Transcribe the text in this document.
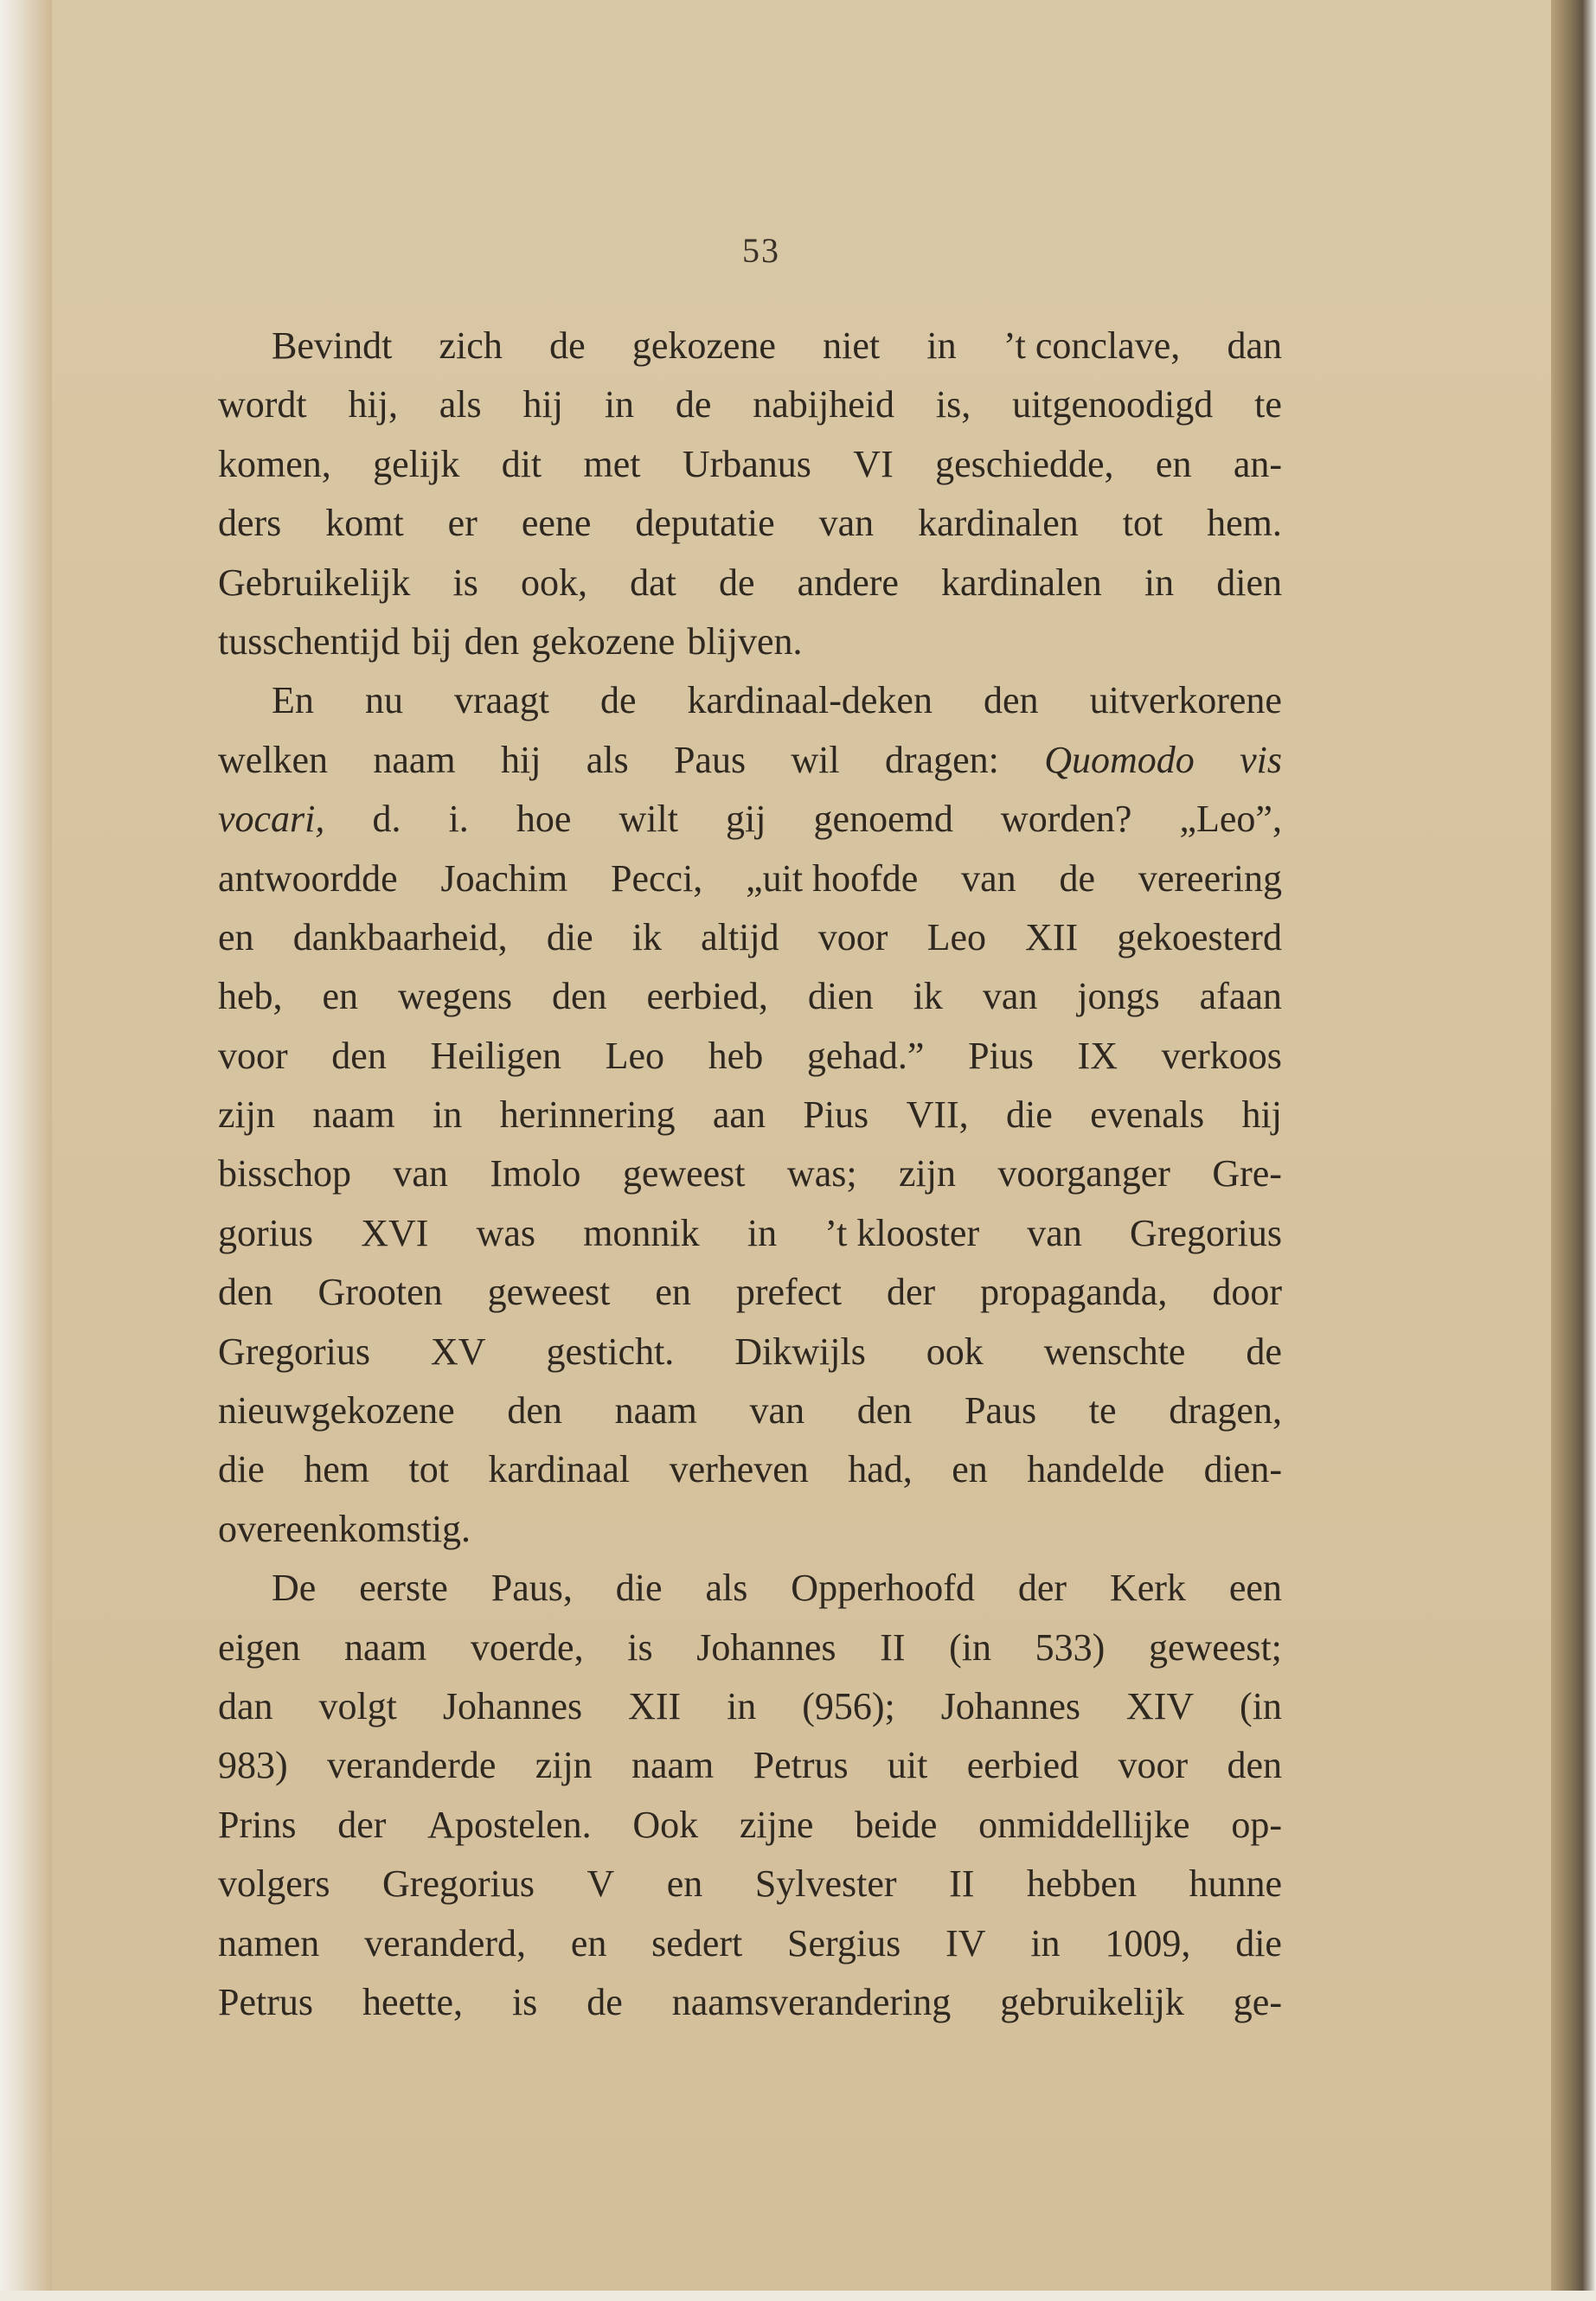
53
Bevindt zich de gekozene niet in ’t conclave, dan
wordt hij, als hij in de nabijheid is, uitgenoodigd te
komen, gelijk dit met Urbanus VI geschiedde, en an-
ders komt er eene deputatie van kardinalen tot hem.
Gebruikelijk is ook, dat de andere kardinalen in dien
tusschentijd bij den gekozene blijven.
En nu vraagt de kardinaal-deken den uitverkorene
welken naam hij als Paus wil dragen: Quomodo vis
vocari, d. i. hoe wilt gij genoemd worden? „Leo”,
antwoordde Joachim Pecci, „uit hoofde van de vereering
en dankbaarheid, die ik altijd voor Leo XII gekoesterd
heb, en wegens den eerbied, dien ik van jongs afaan
voor den Heiligen Leo heb gehad.” Pius IX verkoos
zijn naam in herinnering aan Pius VII, die evenals hij
bisschop van Imolo geweest was; zijn voorganger Gre-
gorius XVI was monnik in ’t klooster van Gregorius
den Grooten geweest en prefect der propaganda, door
Gregorius XV gesticht. Dikwijls ook wenschte de
nieuwgekozene den naam van den Paus te dragen,
die hem tot kardinaal verheven had, en handelde dien-
overeenkomstig.
De eerste Paus, die als Opperhoofd der Kerk een
eigen naam voerde, is Johannes II (in 533) geweest;
dan volgt Johannes XII in (956); Johannes XIV (in
983) veranderde zijn naam Petrus uit eerbied voor den
Prins der Apostelen. Ook zijne beide onmiddellijke op-
volgers Gregorius V en Sylvester II hebben hunne
namen veranderd, en sedert Sergius IV in 1009, die
Petrus heette, is de naamsverandering gebruikelijk ge-
